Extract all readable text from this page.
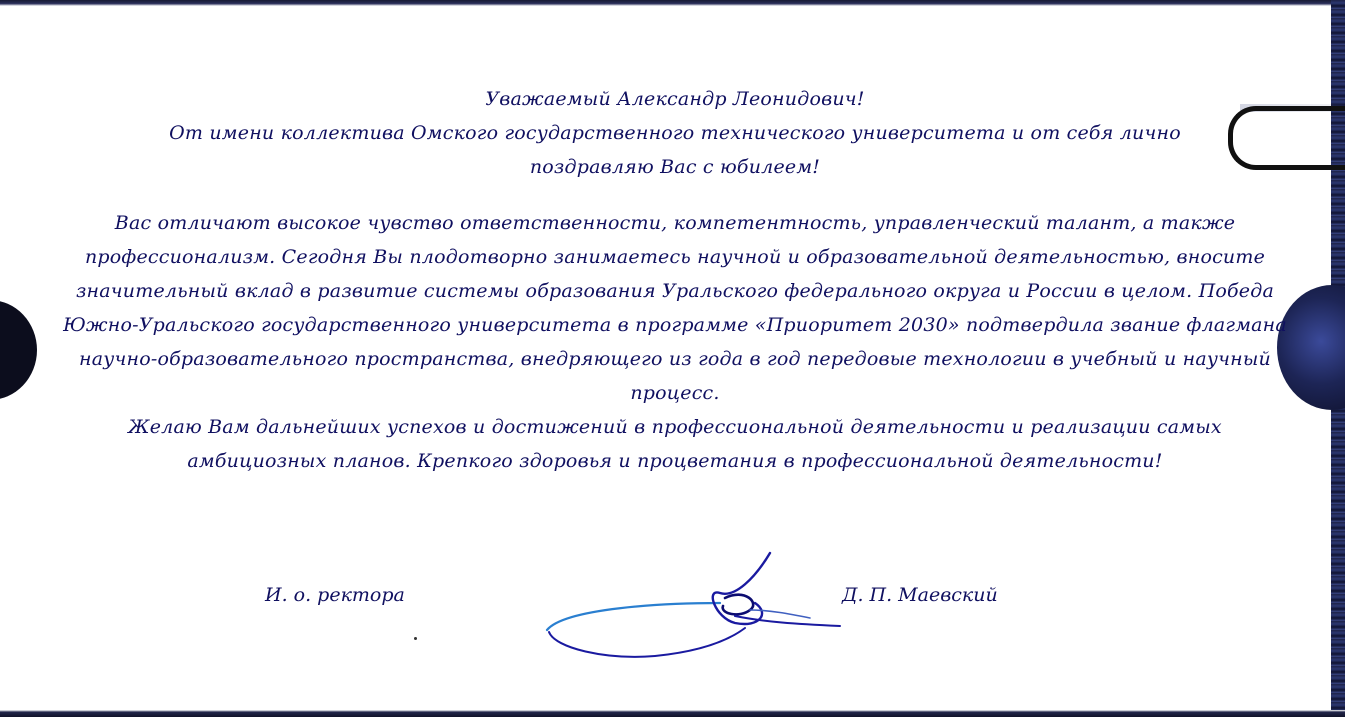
Уважаемый Александр Леонидович!
От имени коллектива Омского государственного технического университета и от себя лично
поздравляю Вас с юбилеем!
Вас отличают высокое чувство ответственности, компетентность, управленческий талант, а также
профессионализм. Сегодня Вы плодотворно занимаетесь научной и образовательной деятельностью, вносите
значительный вклад в развитие системы образования Уральского федерального округа и России в целом. Победа
Южно-Уральского государственного университета в программе «Приоритет 2030» подтвердила звание флагмана
научно-образовательного пространства, внедряющего из года в год передовые технологии в учебный и научный
процесс.
Желаю Вам дальнейших успехов и достижений в профессиональной деятельности и реализации самых
амбициозных планов. Крепкого здоровья и процветания в профессиональной деятельности!
И. о. ректора	Д. П. Маевский
